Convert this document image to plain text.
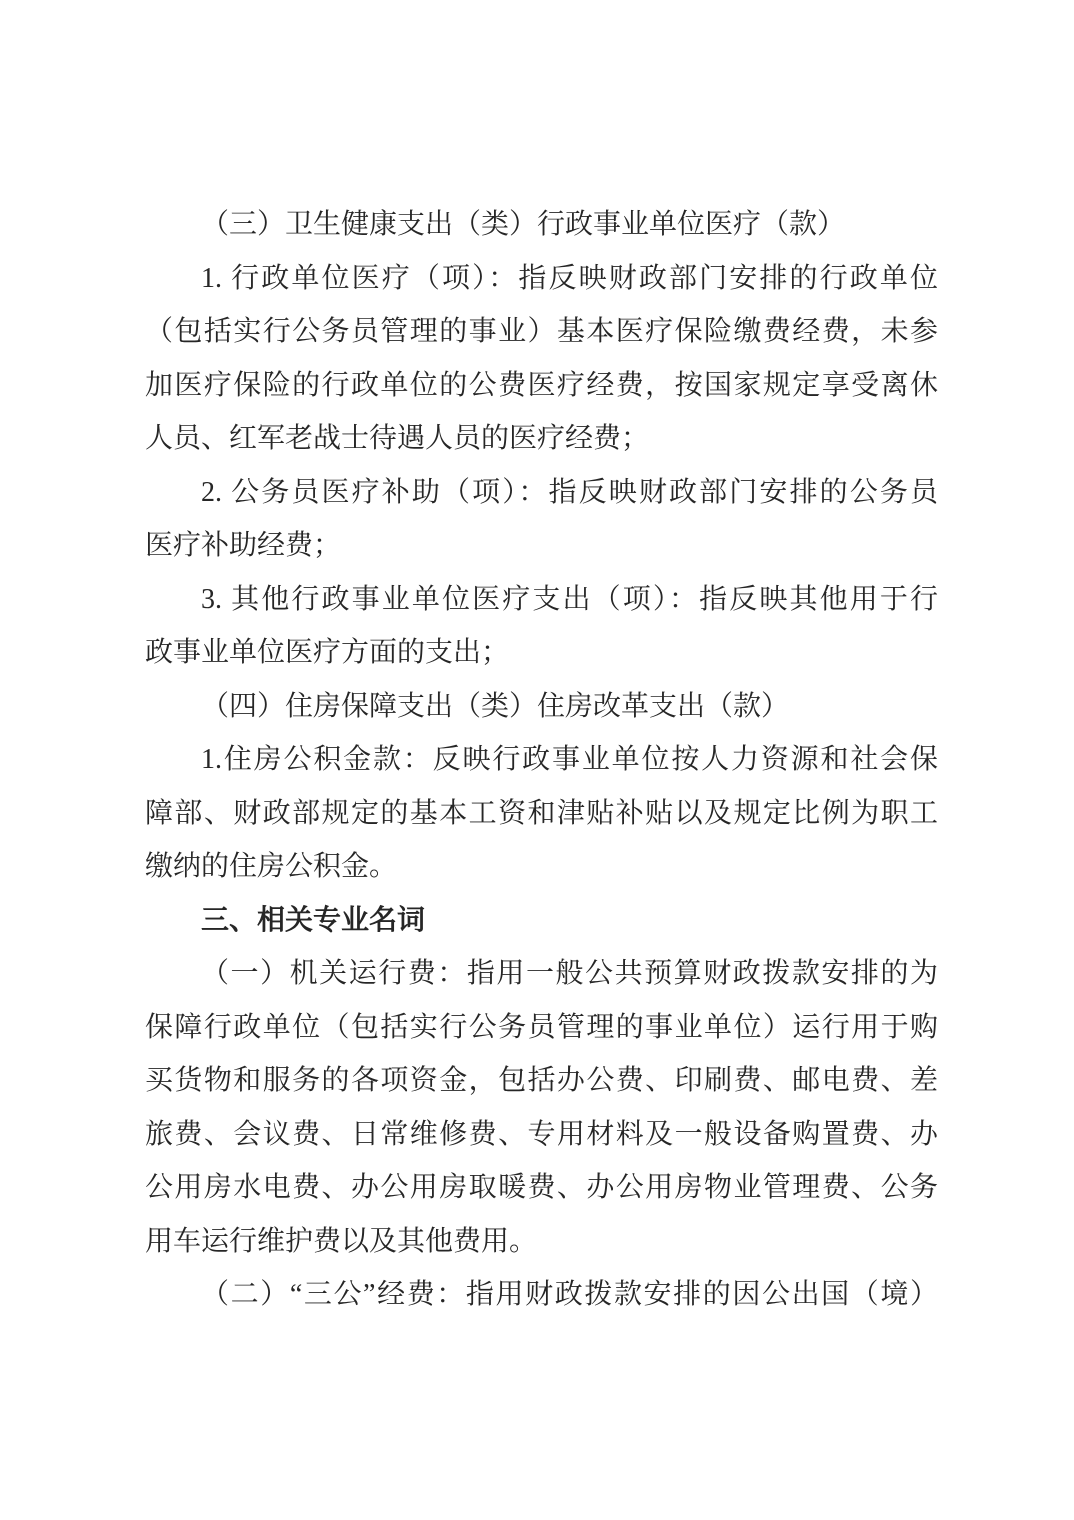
（三）卫生健康支出（类）行政事业单位医疗（款）
1. 行政单位医疗（项）：指反映财政部门安排的行政单位
（包括实行公务员管理的事业）基本医疗保险缴费经费，未参
加医疗保险的行政单位的公费医疗经费，按国家规定享受离休
人员、红军老战士待遇人员的医疗经费；
2. 公务员医疗补助（项）：指反映财政部门安排的公务员
医疗补助经费；
3. 其他行政事业单位医疗支出（项）：指反映其他用于行
政事业单位医疗方面的支出；
（四）住房保障支出（类）住房改革支出（款）
1.住房公积金款：反映行政事业单位按人力资源和社会保
障部、财政部规定的基本工资和津贴补贴以及规定比例为职工
缴纳的住房公积金。
三、相关专业名词
（一）机关运行费：指用一般公共预算财政拨款安排的为
保障行政单位（包括实行公务员管理的事业单位）运行用于购
买货物和服务的各项资金，包括办公费、印刷费、邮电费、差
旅费、会议费、日常维修费、专用材料及一般设备购置费、办
公用房水电费、办公用房取暖费、办公用房物业管理费、公务
用车运行维护费以及其他费用。
（二）“三公”经费：指用财政拨款安排的因公出国（境）
